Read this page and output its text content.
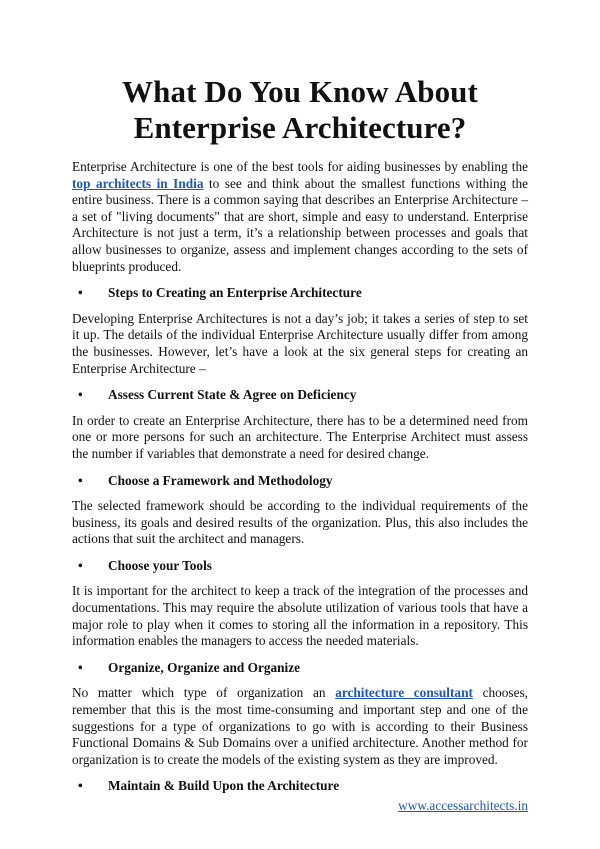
What Do You Know About
Enterprise Architecture?

Enterprise Architecture is one of the best tools for aiding businesses by enabling the top architects in India to see and think about the smallest functions withing the entire business. There is a common saying that describes an Enterprise Architecture – a set of "living documents" that are short, simple and easy to understand. Enterprise Architecture is not just a term, it’s a relationship between processes and goals that allow businesses to organize, assess and implement changes according to the sets of blueprints produced.

• Steps to Creating an Enterprise Architecture

Developing Enterprise Architectures is not a day’s job; it takes a series of step to set it up. The details of the individual Enterprise Architecture usually differ from among the businesses. However, let’s have a look at the six general steps for creating an Enterprise Architecture –

• Assess Current State & Agree on Deficiency

In order to create an Enterprise Architecture, there has to be a determined need from one or more persons for such an architecture. The Enterprise Architect must assess the number if variables that demonstrate a need for desired change.

• Choose a Framework and Methodology

The selected framework should be according to the individual requirements of the business, its goals and desired results of the organization. Plus, this also includes the actions that suit the architect and managers.

• Choose your Tools

It is important for the architect to keep a track of the integration of the processes and documentations. This may require the absolute utilization of various tools that have a major role to play when it comes to storing all the information in a repository. This information enables the managers to access the needed materials.

• Organize, Organize and Organize

No matter which type of organization an architecture consultant chooses, remember that this is the most time-consuming and important step and one of the suggestions for a type of organizations to go with is according to their Business Functional Domains & Sub Domains over a unified architecture. Another method for organization is to create the models of the existing system as they are improved.

• Maintain & Build Upon the Architecture
www.accessarchitects.in
